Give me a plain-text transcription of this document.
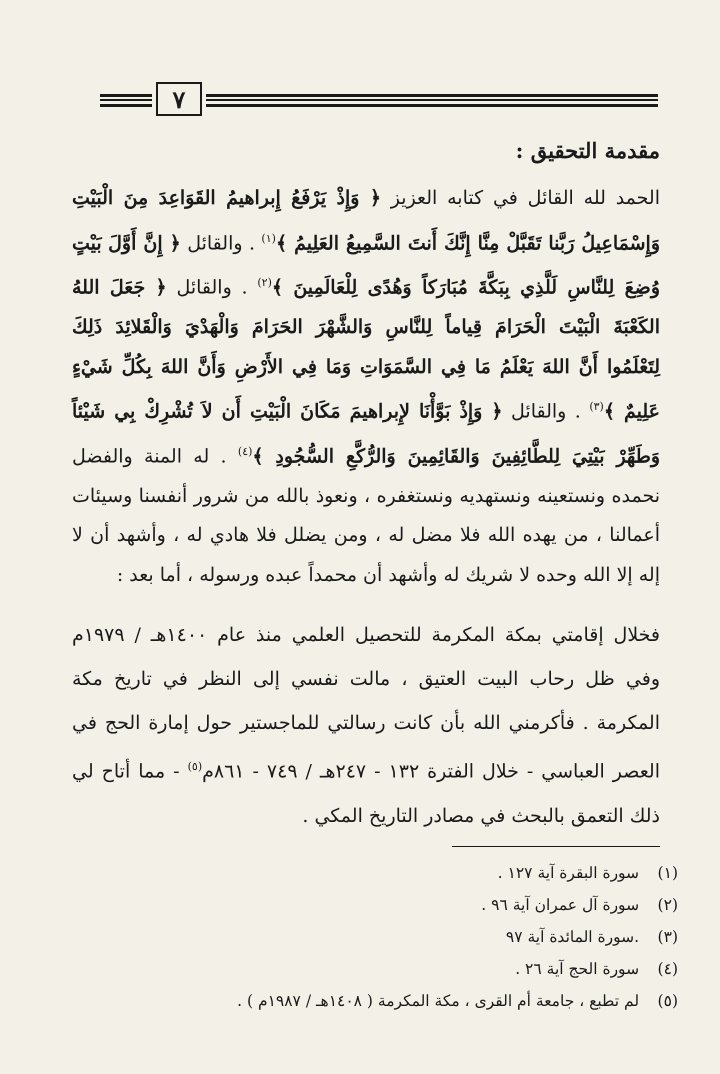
٧
مقدمة التحقيق :

الحمد لله القائل في كتابه العزيز ﴿ وَإِذْ يَرْفَعُ إِبراهيمُ القَوَاعِدَ مِنَ الْبَيْتِ وَإِسْمَاعِيلُ رَبَّنا تَقَبَّلْ مِنَّا إِنَّكَ أَنتَ السَّمِيعُ العَلِيمُ ﴾$^{(١)}$ . والقائل ﴿ إِنَّ أَوَّلَ بَيْتٍ وُضِعَ لِلنَّاسِ لَلَّذِي بِبَكَّةَ مُبَارَكاً وَهُدًى لِلْعَالَمِينَ ﴾$^{(٢)}$ . والقائل ﴿ جَعَلَ اللهُ الكَعْبَةَ الْبَيْتَ الْحَرَامَ قِياماً لِلنَّاسِ وَالشَّهْرَ الحَرَامَ وَالْهَدْيَ وَالْقَلائِدَ ذَلِكَ لِتَعْلَمُوا أَنَّ اللهَ يَعْلَمُ مَا فِي السَّمَوَاتِ وَمَا فِي الأَرْضِ وَأَنَّ اللهَ بِكُلِّ شَيْءٍ عَلِيمٌ ﴾$^{(٣)}$ . والقائل ﴿ وَإِذْ بَوَّأْنَا لإِبراهيمَ مَكَانَ الْبَيْتِ أَن لاَ تُشْرِكْ بِي شَيْئاً وَطَهِّرْ بَيْتِيَ لِلطَّائِفِينَ وَالقَائِمِينَ وَالرُّكَّعِ السُّجُودِ ﴾$^{(٤)}$ . له المنة والفضل نحمده ونستعينه ونستهديه ونستغفره ، ونعوذ بالله من شرور أنفسنا وسيئات أعمالنا ، من يهده الله فلا مضل له ، ومن يضلل فلا هادي له ، وأشهد أن لا إله إلا الله وحده لا شريك له وأشهد أن محمداً عبده ورسوله ، أما بعد :

فخلال إقامتي بمكة المكرمة للتحصيل العلمي منذ عام ١٤٠٠هـ / ١٩٧٩م وفي ظل رحاب البيت العتيق ، مالت نفسي إلى النظر في تاريخ مكة المكرمة . فأكرمني الله بأن كانت رسالتي للماجستير حول إمارة الحج في العصر العباسي - خلال الفترة ١٣٢ - ٢٤٧هـ / ٧٤٩ - ٨٦١م$^{(٥)}$ - مما أتاح لي ذلك التعمق بالبحث في مصادر التاريخ المكي .

(١) سورة البقرة آية ١٢٧ .
(٢) سورة آل عمران آية ٩٦ .
(٣) .سورة المائدة آية ٩٧
(٤) سورة الحج آية ٢٦ .
(٥) لم تطبع ، جامعة أم القرى ، مكة المكرمة ( ١٤٠٨هـ / ١٩٨٧م ) .
